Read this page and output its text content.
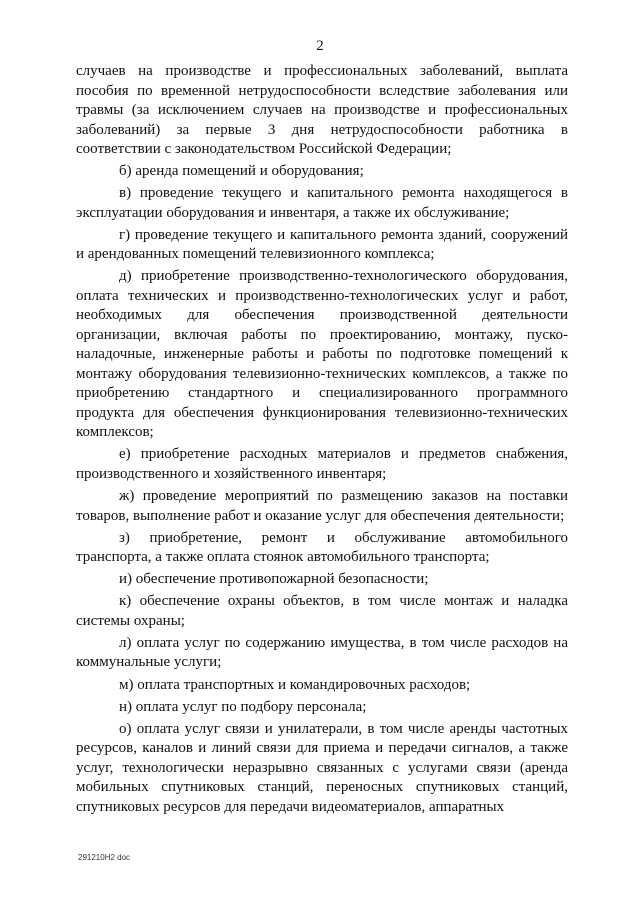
2

случаев на производстве и профессиональных заболеваний, выплата пособия по временной нетрудоспособности вследствие заболевания или травмы (за исключением случаев на производстве и профессиональных заболеваний) за первые 3 дня нетрудоспособности работника в соответствии с законодательством Российской Федерации;

б) аренда помещений и оборудования;

в) проведение текущего и капитального ремонта находящегося в эксплуатации оборудования и инвентаря, а также их обслуживание;

г) проведение текущего и капитального ремонта зданий, сооружений и арендованных помещений телевизионного комплекса;

д) приобретение производственно-технологического оборудования, оплата технических и производственно-технологических услуг и работ, необходимых для обеспечения производственной деятельности организации, включая работы по проектированию, монтажу, пуско-наладочные, инженерные работы и работы по подготовке помещений к монтажу оборудования телевизионно-технических комплексов, а также по приобретению стандартного и специализированного программного продукта для обеспечения функционирования телевизионно-технических комплексов;

е) приобретение расходных материалов и предметов снабжения, производственного и хозяйственного инвентаря;

ж) проведение мероприятий по размещению заказов на поставки товаров, выполнение работ и оказание услуг для обеспечения деятельности;

з) приобретение, ремонт и обслуживание автомобильного транспорта, а также оплата стоянок автомобильного транспорта;

и) обеспечение противопожарной безопасности;

к) обеспечение охраны объектов, в том числе монтаж и наладка системы охраны;

л) оплата услуг по содержанию имущества, в том числе расходов на коммунальные услуги;

м) оплата транспортных и командировочных расходов;

н) оплата услуг по подбору персонала;

о) оплата услуг связи и унилатерали, в том числе аренды частотных ресурсов, каналов и линий связи для приема и передачи сигналов, а также услуг, технологически неразрывно связанных с услугами связи (аренда мобильных спутниковых станций, переносных спутниковых станций, спутниковых ресурсов для передачи видеоматериалов, аппаратных

291210Н2 doc
